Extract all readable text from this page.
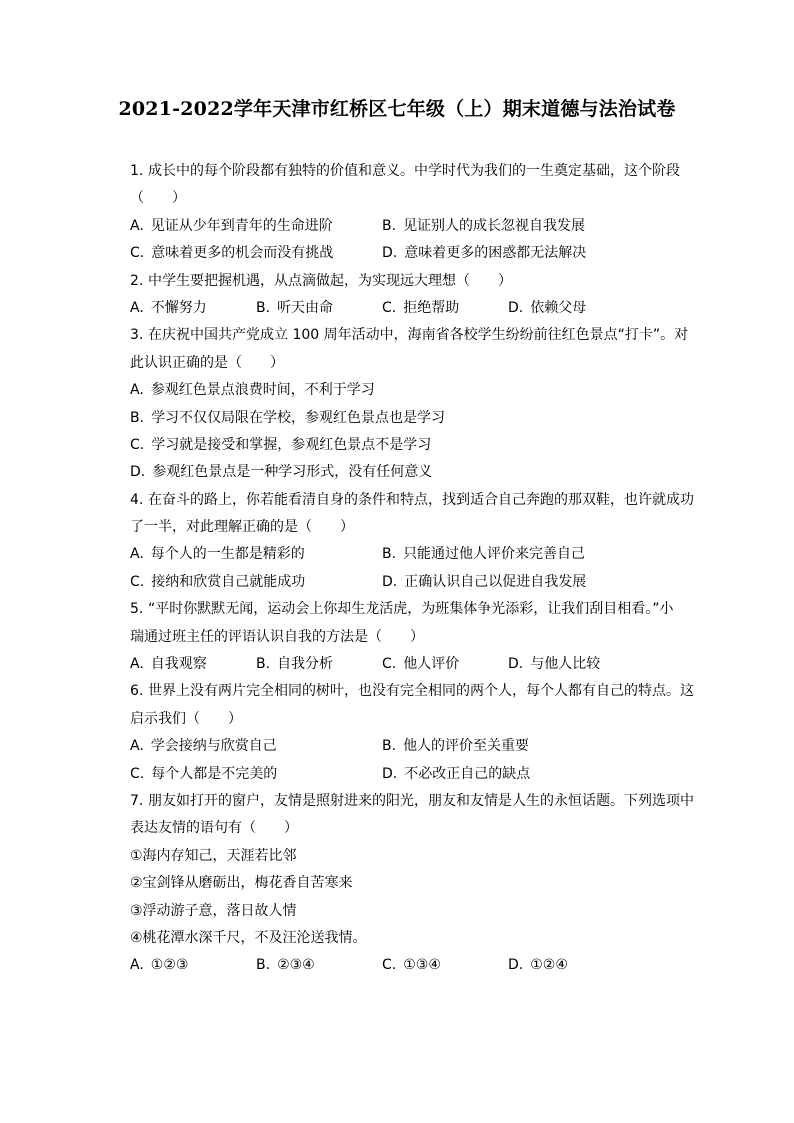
2021-2022学年天津市红桥区七年级（上）期末道德与法治试卷
1. 成长中的每个阶段都有独特的价值和意义。中学时代为我们的一生奠定基础，这个阶段
（　　）
A. 见证从少年到青年的生命进阶	B. 见证别人的成长忽视自我发展
C. 意味着更多的机会而没有挑战	D. 意味着更多的困惑都无法解决
2. 中学生要把握机遇，从点滴做起，为实现远大理想（　　）
A. 不懈努力	B. 听天由命	C. 拒绝帮助	D. 依赖父母
3. 在庆祝中国共产党成立 100 周年活动中，海南省各校学生纷纷前往红色景点“打卡”。对
此认识正确的是（　　）
A. 参观红色景点浪费时间，不利于学习
B. 学习不仅仅局限在学校，参观红色景点也是学习
C. 学习就是接受和掌握，参观红色景点不是学习
D. 参观红色景点是一种学习形式，没有任何意义
4. 在奋斗的路上，你若能看清自身的条件和特点，找到适合自己奔跑的那双鞋，也许就成功
了一半，对此理解正确的是（　　）
A. 每个人的一生都是精彩的	B. 只能通过他人评价来完善自己
C. 接纳和欣赏自己就能成功	D. 正确认识自己以促进自我发展
5. “平时你默默无闻，运动会上你却生龙活虎，为班集体争光添彩，让我们刮目相看。”小
瑞通过班主任的评语认识自我的方法是（　　）
A. 自我观察	B. 自我分析	C. 他人评价	D. 与他人比较
6. 世界上没有两片完全相同的树叶，也没有完全相同的两个人，每个人都有自己的特点。这
启示我们（　　）
A. 学会接纳与欣赏自己	B. 他人的评价至关重要
C. 每个人都是不完美的	D. 不必改正自己的缺点
7. 朋友如打开的窗户，友情是照射进来的阳光，朋友和友情是人生的永恒话题。下列选项中
表达友情的语句有（　　）
①海内存知己，天涯若比邻
②宝剑锋从磨砺出，梅花香自苦寒来
③浮动游子意，落日故人情
④桃花潭水深千尺，不及汪沦送我情。
A. ①②③	B. ②③④	C. ①③④	D. ①②④
